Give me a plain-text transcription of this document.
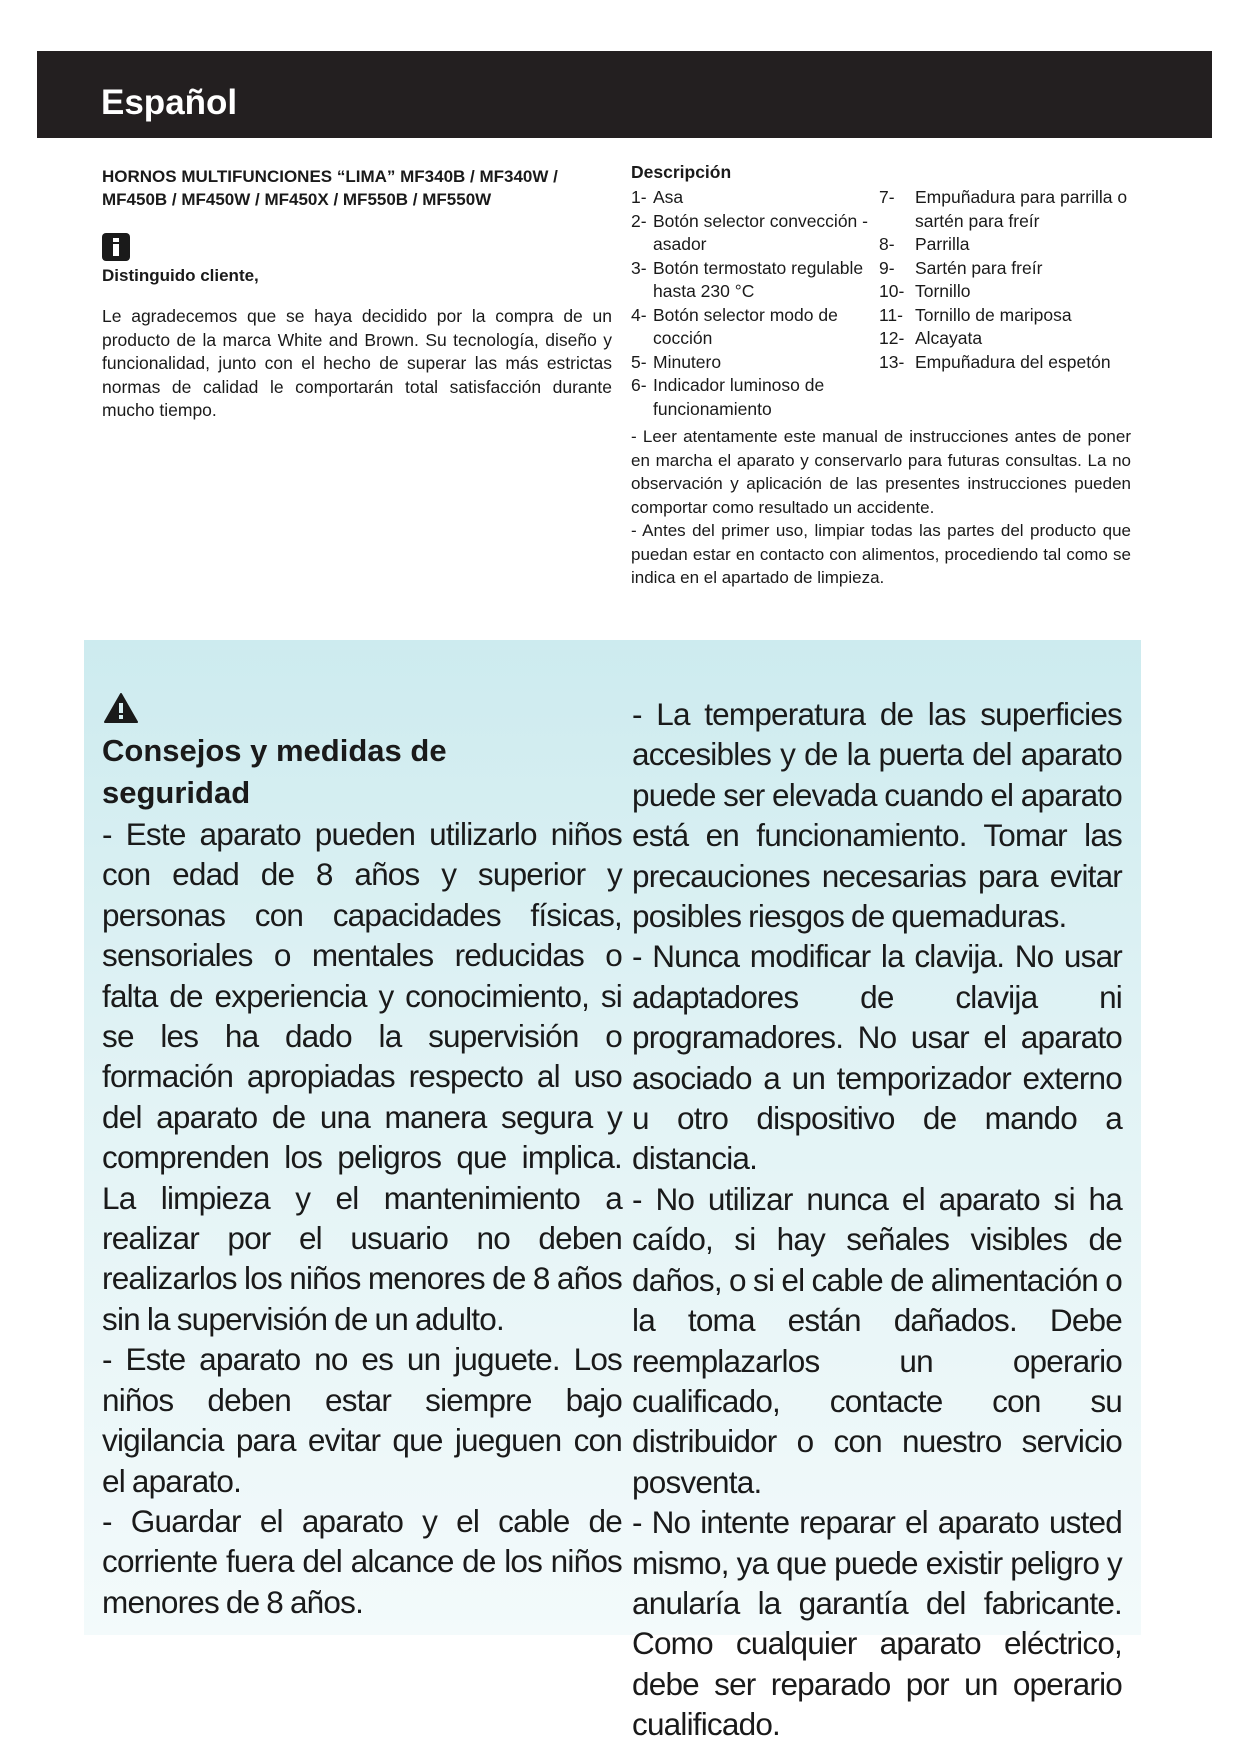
Español

HORNOS MULTIFUNCIONES “LIMA” MF340B / MF340W / MF450B / MF450W / MF450X / MF550B / MF550W

Distinguido cliente,

Le agradecemos que se haya decidido por la compra de un producto de la marca White and Brown. Su tecnología, diseño y funcionalidad, junto con el hecho de superar las más estrictas normas de calidad le comportarán total satisfacción durante mucho tiempo.

Descripción

1- Asa

2- Botón selector convección - asador

3- Botón termostato regulable hasta 230 °C

4- Botón selector modo de cocción

5- Minutero

6- Indicador luminoso de funcionamiento

7- Empuñadura para parrilla o sartén para freír

8- Parrilla

9- Sartén para freír

10- Tornillo

11- Tornillo de mariposa

12- Alcayata

13- Empuñadura del espetón

- Leer atentamente este manual de instrucciones antes de poner en marcha el aparato y conservarlo para futuras consultas. La no observación y aplicación de las presentes instrucciones pueden comportar como resultado un accidente.

- Antes del primer uso, limpiar todas las partes del producto que puedan estar en contacto con alimentos, procediendo tal como se indica en el apartado de limpieza.

Consejos y medidas de seguridad

- Este aparato pueden utilizarlo niños con edad de 8 años y superior y personas con capacidades físicas, sensoriales o mentales reducidas o falta de experiencia y conocimiento, si se les ha dado la supervisión o formación apropiadas respecto al uso del aparato de una manera segura y comprenden los peligros que implica. La limpieza y el mantenimiento a realizar por el usuario no deben realizarlos los niños menores de 8 años sin la supervisión de un adulto.

- Este aparato no es un juguete. Los niños deben estar siempre bajo vigilancia para evitar que jueguen con el aparato.

- Guardar el aparato y el cable de corriente fuera del alcance de los niños menores de 8 años.

- La temperatura de las superficies accesibles y de la puerta del aparato puede ser elevada cuando el aparato está en funcionamiento. Tomar las precauciones necesarias para evitar posibles riesgos de quemaduras.

- Nunca modificar la clavija. No usar adaptadores de clavija ni programadores. No usar el aparato asociado a un temporizador externo u otro dispositivo de mando a distancia.

- No utilizar nunca el aparato si ha caído, si hay señales visibles de daños, o si el cable de alimentación o la toma están dañados. Debe reemplazarlos un operario cualificado, contacte con su distribuidor o con nuestro servicio posventa.

- No intente reparar el aparato usted mismo, ya que puede existir peligro y anularía la garantía del fabricante. Como cualquier aparato eléctrico, debe ser reparado por un operario cualificado.
